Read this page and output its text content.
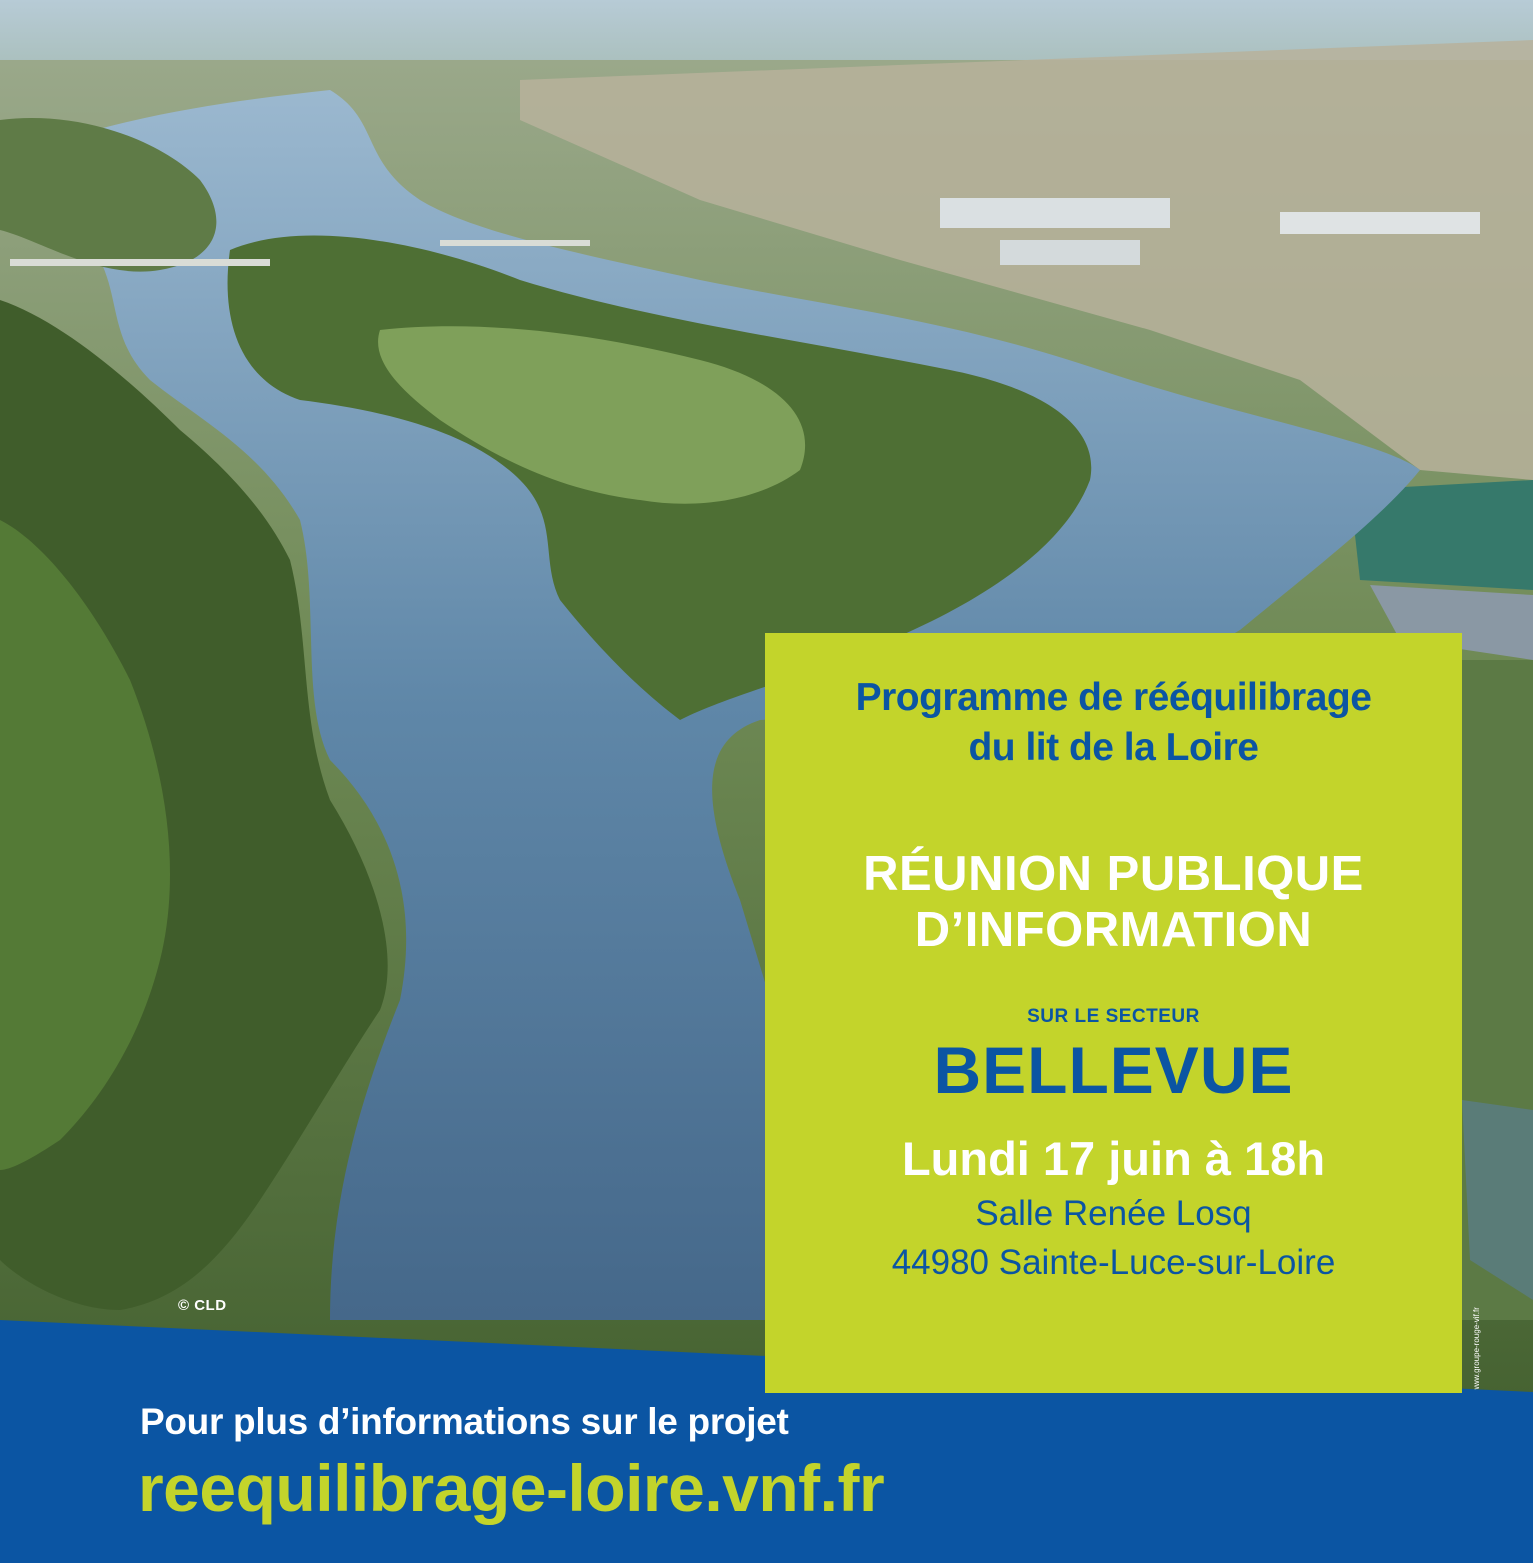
© CLD
www.groupe-rouge-vif.fr
Programme de rééquilibrage
du lit de la Loire
RÉUNION PUBLIQUE
D’INFORMATION
SUR LE SECTEUR
BELLEVUE
Lundi 17 juin à 18h
Salle Renée Losq
44980 Sainte-Luce-sur-Loire
Pour plus d’informations sur le projet
reequilibrage-loire.vnf.fr
